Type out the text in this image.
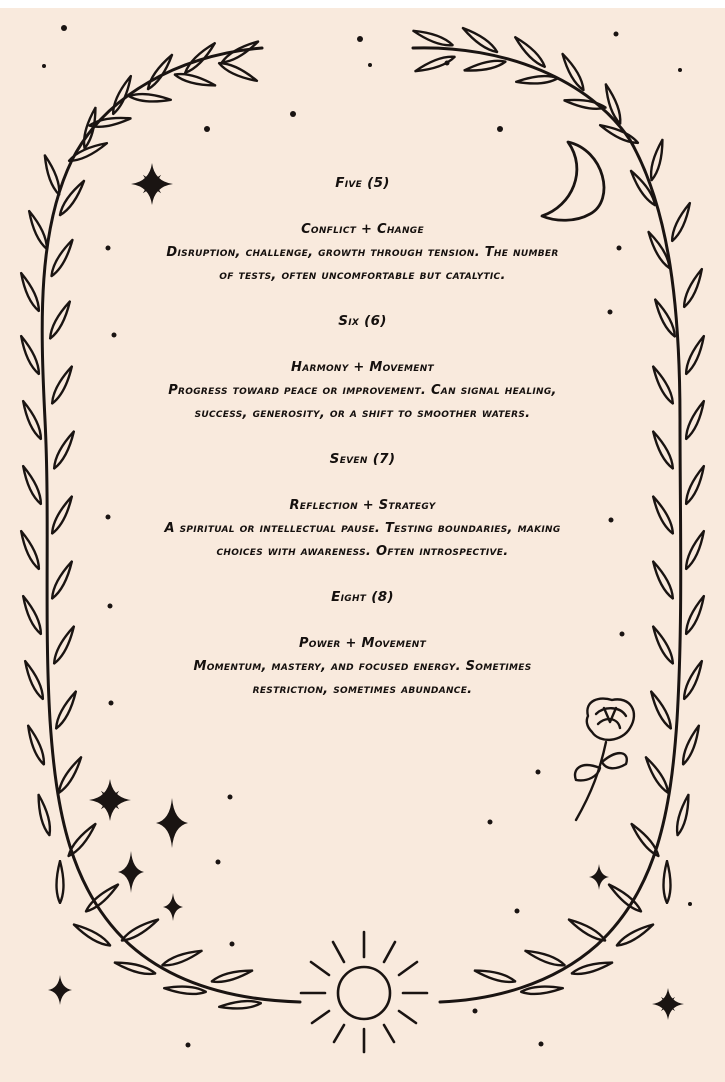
Five (5)

Conflict + Change

Disruption, challenge, growth through tension. The number of tests, often uncomfortable but catalytic.

Six (6)

Harmony + Movement

Progress toward peace or improvement. Can signal healing, success, generosity, or a shift to smoother waters.

Seven (7)

Reflection + Strategy

A spiritual or intellectual pause. Testing boundaries, making choices with awareness. Often introspective.

Eight (8)

Power + Movement

Momentum, mastery, and focused energy. Sometimes restriction, sometimes abundance.
